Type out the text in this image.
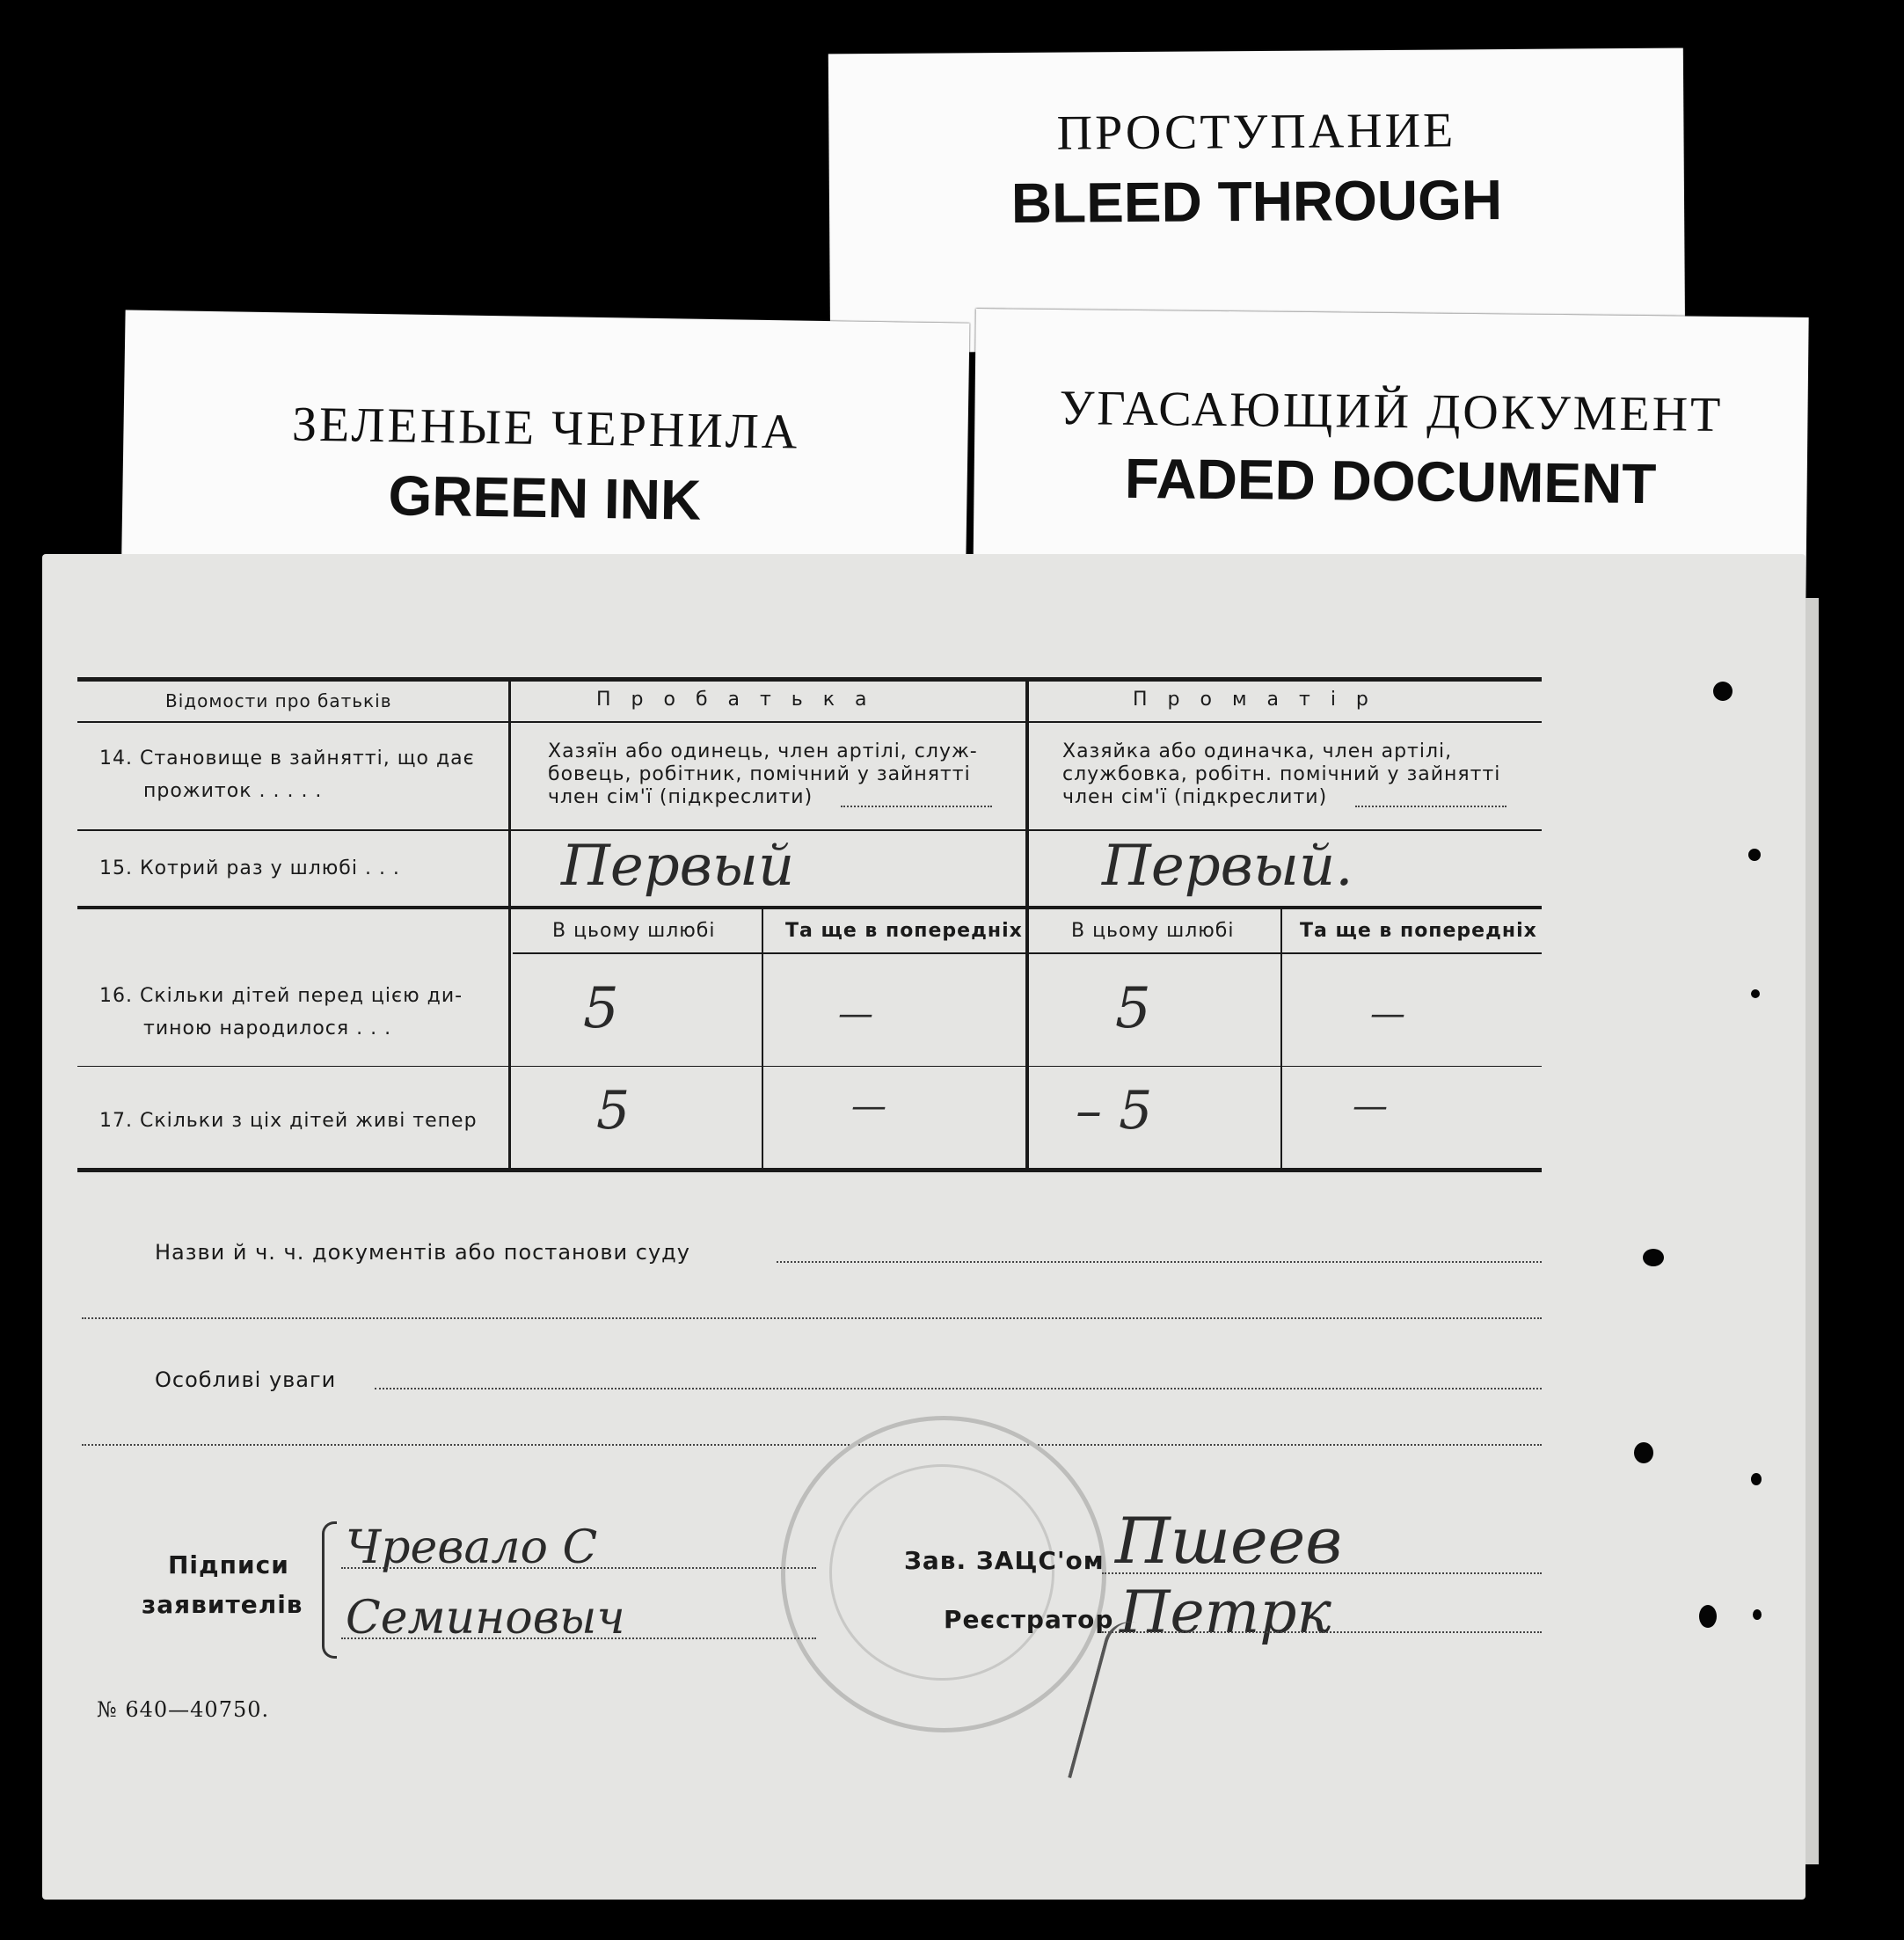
ПРОСТУПАНИЕ
BLEED THROUGH
ЗЕЛЕНЫЕ ЧЕРНИЛА
GREEN INK
УГАСАЮЩИЙ ДОКУМЕНТ
FADED DOCUMENT
Відомости про батьків	П р о б а т ь к а	П р о м а т і р
14. Становище в зайнятті, що дає
прожиток . . . . .
Хазяїн або одинець, член артілі, служ-
бовець, робітник, помічний у зайнятті
член сім'ї (підкреслити)
Хазяйка або одиначка, член артілі,
службовка, робітн. помічний у зайнятті
член сім'ї (підкреслити)
15. Котрий раз у шлюбі . . .	Первый	Первый.
В цьому шлюбі	Та ще в попередніх	В цьому шлюбі	Та ще в попередніх
16. Скільки дітей перед цією ди-
тиною народилося . . .	5	—	5	—
17. Скільки з ціх дітей живі тепер 5	—	– 5	—
Назви й ч. ч. документів або постанови суду
Особливі уваги
Підписи
заявителів
Чревало С
Семиновыч
Зав. ЗАЦС'ом Пшеев
Реєстратор Петрк
№ 640—40750.
